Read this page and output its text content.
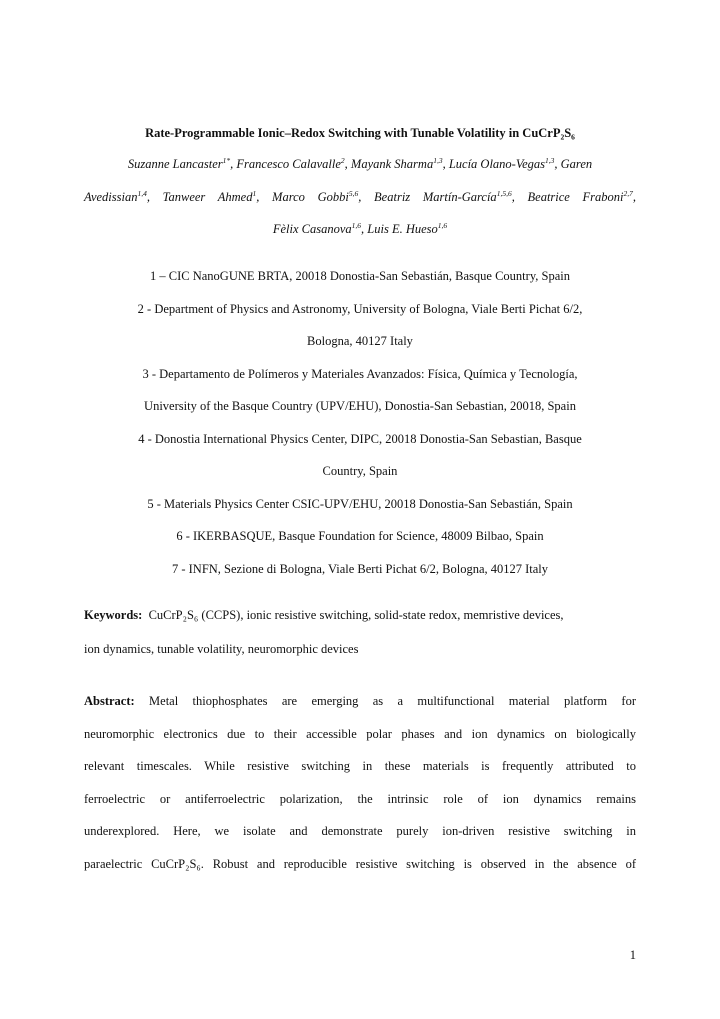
Rate-Programmable Ionic–Redox Switching with Tunable Volatility in CuCrP₂S₆
Suzanne Lancaster$^{1*}$, Francesco Calavalle$^2$, Mayank Sharma$^{1,3}$, Lucía Olano-Vegas$^{1,3}$, Garen
Avedissian$^{1,4}$, Tanweer Ahmed$^1$, Marco Gobbi$^{5,6}$, Beatriz Martín-García$^{1,5,6}$, Beatrice Fraboni$^{2,7}$,
Fèlix Casanova$^{1,6}$, Luis E. Hueso$^{1,6}$
1 – CIC NanoGUNE BRTA, 20018 Donostia-San Sebastián, Basque Country, Spain
2 - Department of Physics and Astronomy, University of Bologna, Viale Berti Pichat 6/2,
Bologna, 40127 Italy
3 - Departamento de Polímeros y Materiales Avanzados: Física, Química y Tecnología,
University of the Basque Country (UPV/EHU), Donostia-San Sebastian, 20018, Spain
4 - Donostia International Physics Center, DIPC, 20018 Donostia-San Sebastian, Basque
Country, Spain
5 - Materials Physics Center CSIC-UPV/EHU, 20018 Donostia-San Sebastián, Spain
6 - IKERBASQUE, Basque Foundation for Science, 48009 Bilbao, Spain
7 - INFN, Sezione di Bologna, Viale Berti Pichat 6/2, Bologna, 40127 Italy
Keywords: CuCrP₂S₆ (CCPS), ionic resistive switching, solid-state redox, memristive devices,
ion dynamics, tunable volatility, neuromorphic devices
Abstract: Metal thiophosphates are emerging as a multifunctional material platform for
neuromorphic electronics due to their accessible polar phases and ion dynamics on biologically
relevant timescales. While resistive switching in these materials is frequently attributed to
ferroelectric or antiferroelectric polarization, the intrinsic role of ion dynamics remains
underexplored. Here, we isolate and demonstrate purely ion-driven resistive switching in
paraelectric CuCrP₂S₆. Robust and reproducible resistive switching is observed in the absence of
1
